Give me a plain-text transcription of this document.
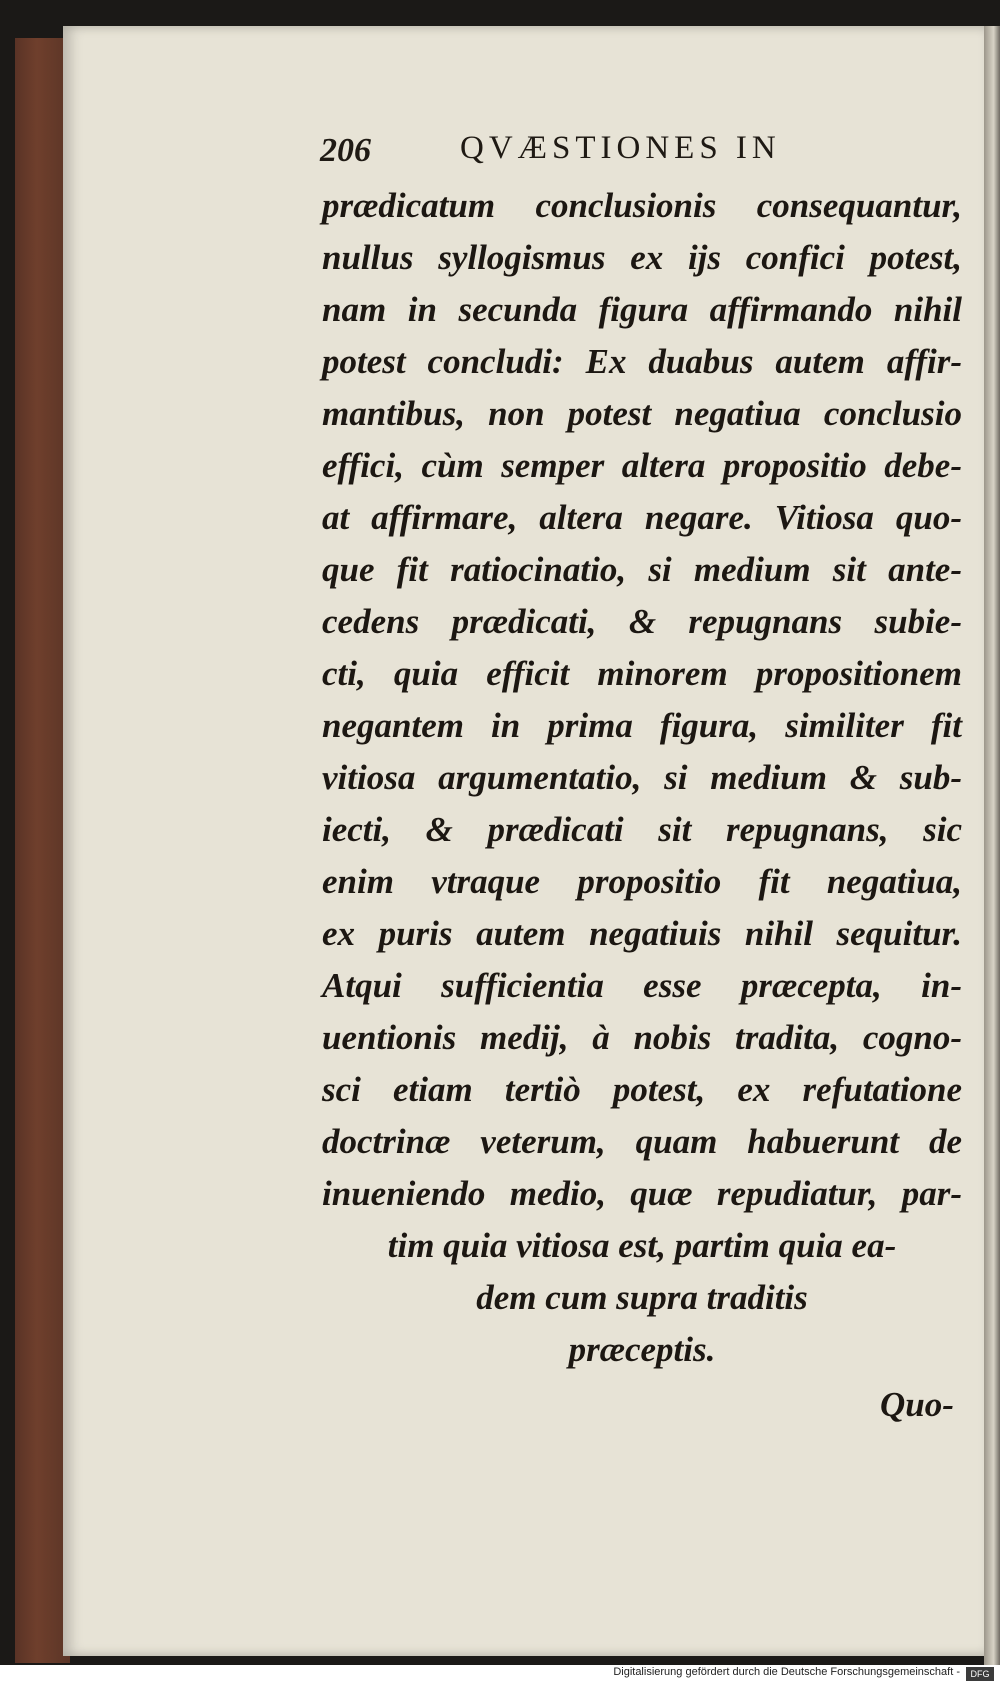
206	QVÆSTIONES IN
prædicatum conclusionis consequantur,
nullus syllogismus ex ijs confici potest,
nam in secunda figura affirmando nihil
potest concludi: Ex duabus autem affir-
mantibus, non potest negatiua conclusio
effici, cùm semper altera propositio debe-
at affirmare, altera negare. Vitiosa quo-
que fit ratiocinatio, si medium sit ante-
cedens prædicati, & repugnans subie-
cti, quia efficit minorem propositionem
negantem in prima figura, similiter fit
vitiosa argumentatio, si medium & sub-
iecti, & prædicati sit repugnans, sic
enim vtraque propositio fit negatiua,
ex puris autem negatiuis nihil sequitur.
Atqui sufficientia esse præcepta, in-
uentionis medij, à nobis tradita, cogno-
sci etiam tertiò potest, ex refutatione
doctrinæ veterum, quam habuerunt de
inueniendo medio, quæ repudiatur, par-
tim quia vitiosa est, partim quia ea-
dem cum supra traditis
præceptis.
Quo-
Digitalisierung gefördert durch die Deutsche Forschungsgemeinschaft -	DFG
